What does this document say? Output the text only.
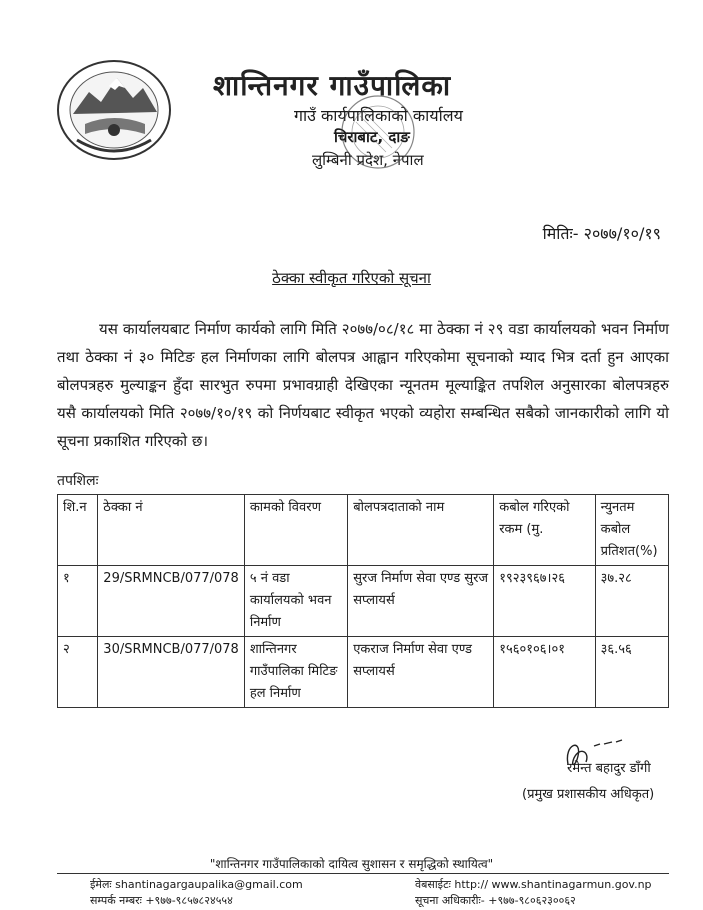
शान्तिनगर गाउँपालिका
गाउँ कार्यपालिकाको कार्यालय
चिराबाट, दाङ
लुम्बिनी प्रदेश, नेपाल
मितिः- २०७७/१०/१९
ठेक्का स्वीकृत गरिएको सूचना
यस कार्यालयबाट निर्माण कार्यको लागि मिति २०७७/०८/१८ मा ठेक्का नं २९ वडा कार्यालयको भवन निर्माण तथा ठेक्का नं ३० मिटिङ हल निर्माणका लागि बोलपत्र आह्वान गरिएकोमा सूचनाको म्याद भित्र दर्ता हुन आएका बोलपत्रहरु मुल्याङ्कन हुँदा सारभुत रुपमा प्रभावग्राही देखिएका न्यूनतम मूल्याङ्कित तपशिल अनुसारका बोलपत्रहरु यसै कार्यालयको मिति २०७७/१०/१९ को निर्णयबाट स्वीकृत भएको व्यहोरा सम्बन्धित सबैको जानकारीको लागि यो सूचना प्रकाशित गरिएको छ।
तपशिलः
शि.न	ठेक्का नं	कामको विवरण	बोलपत्रदाताको नाम	कबोल गरिएको रकम (मु.	न्युनतम कबोल प्रतिशत(%)
१	29/SRMNCB/077/078	५ नं वडा कार्यालयको भवन निर्माण	सुरज निर्माण सेवा एण्ड सुरज सप्लायर्स	१९२३९६७।२६	३७.२८
२	30/SRMNCB/077/078	शान्तिनगर गाउँपालिका मिटिङ हल निर्माण	एकराज निर्माण सेवा एण्ड सप्लायर्स	१५६०१०६।०१	३६.५६
रमेन्त बहादुर डाँगी
(प्रमुख प्रशासकीय अधिकृत)
"शान्तिनगर गाउँपालिकाको दायित्व सुशासन र समृद्धिको स्थायित्व"
ईमेलः shantinagargaupalika@gmail.com
सम्पर्क नम्बरः +९७७-९८५७८२४५५४
वेबसाईटः http:// www.shantinagarmun.gov.np
सूचना अधिकारीः- +९७७-९८०६२३००६२
